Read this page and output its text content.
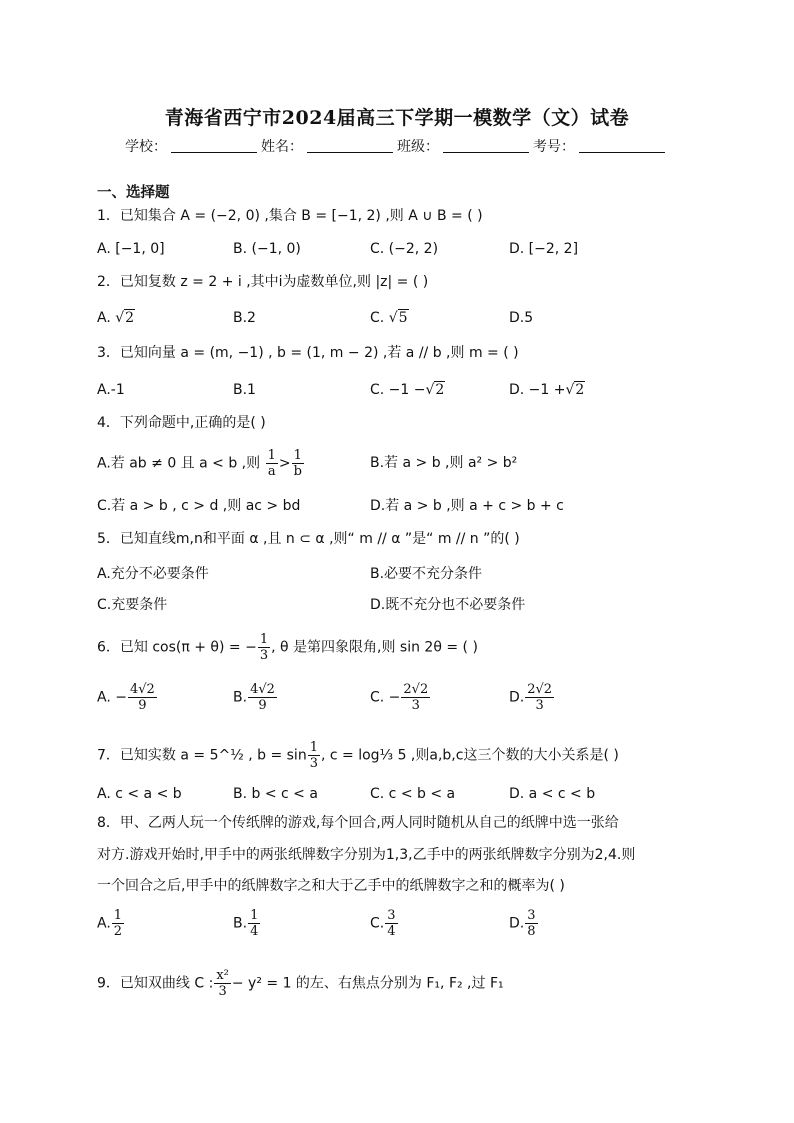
青海省西宁市2024届高三下学期一模数学（文）试卷
学校：	姓名：	班级：	考号：
一、选择题
1．已知集合 A = (−2, 0) ,集合 B = [−1, 2) ,则 A ∪ B = ( )
A. [−1, 0]	B. (−1, 0)	C. (−2, 2)	D. [−2, 2]
2．已知复数 z = 2 + i ,其中i为虚数单位,则 |z| = ( )
A. √2	B.2	C. √5	D.5
3．已知向量 a = (m, −1) , b = (1, m − 2) ,若 a // b ,则 m = ( )
A.-1	B.1	C. −1 −√2	D. −1 +√2
4．下列命题中,正确的是( )
A.若 ab ≠ 0 且 a < b ,则 $\frac{1}{a} > \frac{1}{b}$	B.若 a > b ,则 a² > b²
C.若 a > b , c > d ,则 ac > bd	D.若 a > b ,则 a + c > b + c
5．已知直线m,n和平面 α ,且 n ⊂ α ,则“ m // α ”是“ m // n ”的( )
A.充分不必要条件	B.必要不充分条件
C.充要条件	D.既不充分也不必要条件
6．已知 cos(π + θ) = − $\frac{1}{3}$ , θ 是第四象限角,则 sin 2θ = ( )
A. − $\frac{4√2}{9}$	B. $\frac{4√2}{9}$	C. − $\frac{2√2}{3}$	D. $\frac{2√2}{3}$
7．已知实数 a = 5^½ , $b = \sin \frac{1}{3}$ , c = log⅓ 5 ,则a,b,c这三个数的大小关系是( )
A. c < a < b	B. b < c < a	C. c < b < a	D. a < c < b
8．甲、乙两人玩一个传纸牌的游戏,每个回合,两人同时随机从自己的纸牌中选一张给
对方.游戏开始时,甲手中的两张纸牌数字分别为1,3,乙手中的两张纸牌数字分别为2,4.则
一个回合之后,甲手中的纸牌数字之和大于乙手中的纸牌数字之和的概率为( )
A. $\frac{1}{2}$	B. $\frac{1}{4}$	C. $\frac{3}{4}$	D. $\frac{3}{8}$
9．已知双曲线 C : $\frac{\text{x²}}{3} - y^2 = 1$ 的左、右焦点分别为 F₁, F₂ ,过 F₁
